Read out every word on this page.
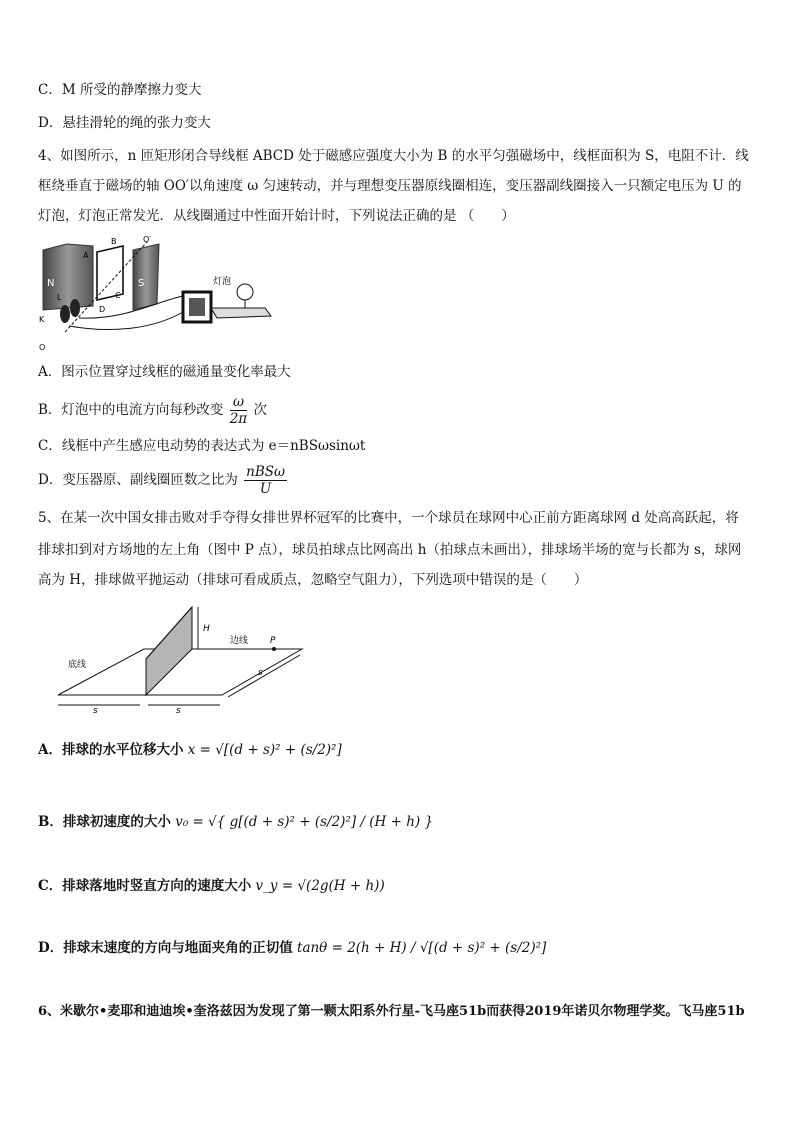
C．M 所受的静摩擦力变大
D．悬挂滑轮的绳的张力变大
4、如图所示，n 匝矩形闭合导线框 ABCD 处于磁感应强度大小为 B 的水平匀强磁场中，线框面积为 S，电阻不计．线
框绕垂直于磁场的轴 OO′以角速度 ω 匀速转动，并与理想变压器原线圈相连，变压器副线圈接入一只额定电压为 U 的
灯泡，灯泡正常发光．从线圈通过中性面开始计时，下列说法正确的是 （　　）
N	S
A
B
C
D
L
K
O
O′
灯泡
A．图示位置穿过线框的磁通量变化率最大
B．灯泡中的电流方向每秒改变 $\frac{\omega}{2\pi}$ 次
C．线框中产生感应电动势的表达式为 e＝nBSωsinωt
D．变压器原、副线圈匝数之比为 $\frac{\text{nBSω}}{U}$
5、在某一次中国女排击败对手夺得女排世界杯冠军的比赛中，一个球员在球网中心正前方距离球网 d 处高高跃起，将
排球扣到对方场地的左上角（图中 P 点），球员拍球点比网高出 h（拍球点未画出），排球场半场的宽与长都为 s，球网
高为 H，排球做平抛运动（排球可看成质点，忽略空气阻力），下列选项中错误的是（　　）
H
边线 P
底线
s	s
s
A．排球的水平位移大小 x = √[(d + s)² + (s/2)²]
B．排球初速度的大小 v₀ = √{ g[(d + s)² + (s/2)²] / (H + h) }
C．排球落地时竖直方向的速度大小 v_y = √(2g(H + h))
D．排球末速度的方向与地面夹角的正切值 tanθ = 2(h + H) / √[(d + s)² + (s/2)²]
6、米歇尔•麦耶和迪迪埃•奎洛兹因为发现了第一颗太阳系外行星-飞马座51b而获得2019年诺贝尔物理学奖。飞马座51b
